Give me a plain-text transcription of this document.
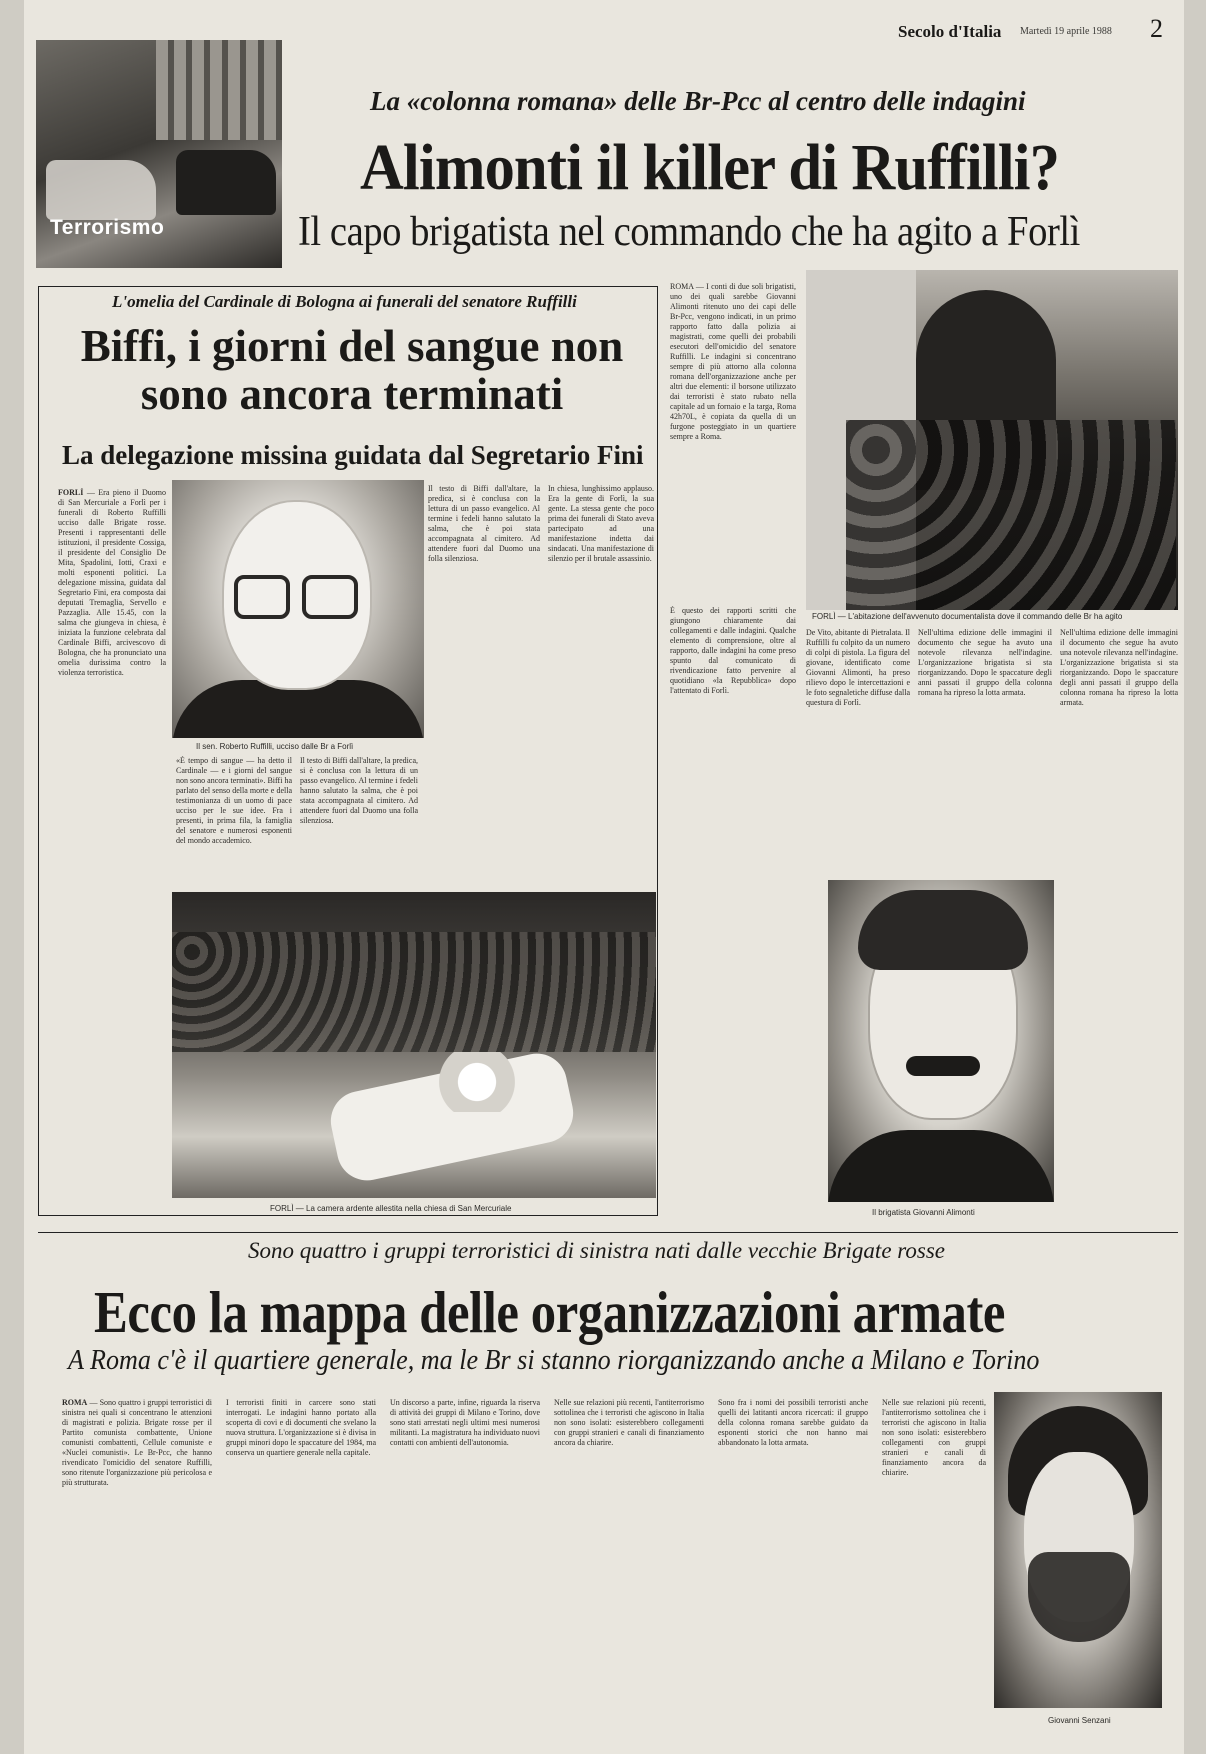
Secolo d'Italia Martedì 19 aprile 1988 2
Terrorismo
La «colonna romana» delle Br-Pcc al centro delle indagini
Alimonti il killer di Ruffilli?
Il capo brigatista nel commando che ha agito a Forlì
L'omelia del Cardinale di Bologna ai funerali del senatore Ruffilli
Biffi, i giorni del sangue non sono ancora terminati
La delegazione missina guidata dal Segretario Fini
FORLÌ — Era pieno il Duomo di San Mercuriale a Forlì per i funerali di Roberto Ruffilli ucciso dalle Brigate rosse. Presenti i rappresentanti delle istituzioni, il presidente Cossiga, il presidente del Consiglio De Mita, Spadolini, Iotti, Craxi e molti esponenti politici. La delegazione missina, guidata dal Segretario Fini, era composta dai deputati Tremaglia, Servello e Pazzaglia. Alle 15.45, con la salma che giungeva in chiesa, è iniziata la funzione celebrata dal Cardinale Biffi, arcivescovo di Bologna, che ha pronunciato una omelia durissima contro la violenza terroristica.
Il sen. Roberto Ruffilli, ucciso dalle Br a Forlì
«È tempo di sangue — ha detto il Cardinale — e i giorni del sangue non sono ancora terminati». Biffi ha parlato del senso della morte e della testimonianza di un uomo di pace ucciso per le sue idee. Fra i presenti, in prima fila, la famiglia del senatore e numerosi esponenti del mondo accademico.
Il testo di Biffi dall'altare, la predica, si è conclusa con la lettura di un passo evangelico. Al termine i fedeli hanno salutato la salma, che è poi stata accompagnata al cimitero. Ad attendere fuori dal Duomo una folla silenziosa.
Il testo di Biffi dall'altare, la predica, si è conclusa con la lettura di un passo evangelico. Al termine i fedeli hanno salutato la salma, che è poi stata accompagnata al cimitero. Ad attendere fuori dal Duomo una folla silenziosa.
In chiesa, lunghissimo applauso. Era la gente di Forlì, la sua gente. La stessa gente che poco prima dei funerali di Stato aveva partecipato ad una manifestazione indetta dai sindacati. Una manifestazione di silenzio per il brutale assassinio.
FORLÌ — La camera ardente allestita nella chiesa di San Mercuriale
ROMA — I conti di due soli brigatisti, uno dei quali sarebbe Giovanni Alimonti ritenuto uno dei capi delle Br-Pcc, vengono indicati, in un primo rapporto fatto dalla polizia ai magistrati, come quelli dei probabili esecutori dell'omicidio del senatore Ruffilli. Le indagini si concentrano sempre di più attorno alla colonna romana dell'organizzazione anche per altri due elementi: il borsone utilizzato dai terroristi è stato rubato nella capitale ad un fornaio e la targa, Roma 42h70L, è copiata da quella di un furgone posteggiato in un quartiere sempre a Roma.
È questo dei rapporti scritti che giungono chiaramente dai collegamenti e dalle indagini. Qualche elemento di comprensione, oltre al rapporto, dalle indagini ha come preso spunto dal comunicato di rivendicazione fatto pervenire al quotidiano «la Repubblica» dopo l'attentato di Forlì.
FORLÌ — L'abitazione dell'avvenuto documentalista dove il commando delle Br ha agito
De Vito, abitante di Pietralata. Il Ruffilli fu colpito da un numero di colpi di pistola. La figura del giovane, identificato come Giovanni Alimonti, ha preso rilievo dopo le intercettazioni e le foto segnaletiche diffuse dalla questura di Forlì.
Nell'ultima edizione delle immagini il documento che segue ha avuto una notevole rilevanza nell'indagine. L'organizzazione brigatista si sta riorganizzando. Dopo le spaccature degli anni passati il gruppo della colonna romana ha ripreso la lotta armata.
Nell'ultima edizione delle immagini il documento che segue ha avuto una notevole rilevanza nell'indagine. L'organizzazione brigatista si sta riorganizzando. Dopo le spaccature degli anni passati il gruppo della colonna romana ha ripreso la lotta armata.
Il brigatista Giovanni Alimonti
Sono quattro i gruppi terroristici di sinistra nati dalle vecchie Brigate rosse
Ecco la mappa delle organizzazioni armate
A Roma c'è il quartiere generale, ma le Br si stanno riorganizzando anche a Milano e Torino
ROMA — Sono quattro i gruppi terroristici di sinistra nei quali si concentrano le attenzioni di magistrati e polizia. Brigate rosse per il Partito comunista combattente, Unione comunisti combattenti, Cellule comuniste e «Nuclei comunisti». Le Br-Pcc, che hanno rivendicato l'omicidio del senatore Ruffilli, sono ritenute l'organizzazione più pericolosa e più strutturata.
I terroristi finiti in carcere sono stati interrogati. Le indagini hanno portato alla scoperta di covi e di documenti che svelano la nuova struttura. L'organizzazione si è divisa in gruppi minori dopo le spaccature del 1984, ma conserva un quartiere generale nella capitale.
Un discorso a parte, infine, riguarda la riserva di attività dei gruppi di Milano e Torino, dove sono stati arrestati negli ultimi mesi numerosi militanti. La magistratura ha individuato nuovi contatti con ambienti dell'autonomia.
Nelle sue relazioni più recenti, l'antiterrorismo sottolinea che i terroristi che agiscono in Italia non sono isolati: esisterebbero collegamenti con gruppi stranieri e canali di finanziamento ancora da chiarire.
Sono fra i nomi dei possibili terroristi anche quelli dei latitanti ancora ricercati: il gruppo della colonna romana sarebbe guidato da esponenti storici che non hanno mai abbandonato la lotta armata.
Nelle sue relazioni più recenti, l'antiterrorismo sottolinea che i terroristi che agiscono in Italia non sono isolati: esisterebbero collegamenti con gruppi stranieri e canali di finanziamento ancora da chiarire.
Giovanni Senzani
